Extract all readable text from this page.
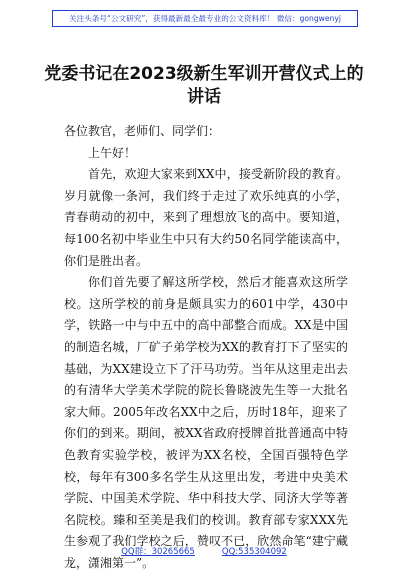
关注头条号“公文研究”，获得最新最全最专业的公文资料库！ 微信：gongwenyj
党委书记在2023级新生军训开营仪式上的讲话

各位教官，老师们、同学们：

上午好！

首先，欢迎大家来到XX中，接受新阶段的教育。岁月就像一条河，我们终于走过了欢乐纯真的小学，青春萌动的初中，来到了理想放飞的高中。要知道，每100名初中毕业生中只有大约50名同学能读高中，你们是胜出者。

你们首先要了解这所学校，然后才能喜欢这所学校。这所学校的前身是颇具实力的601中学，430中学，铁路一中与中五中的高中部整合而成。XX是中国的制造名城，厂矿子弟学校为XX的教育打下了坚实的基础，为XX建设立下了汗马功劳。当年从这里走出去的有清华大学美术学院的院长鲁晓波先生等一大批名家大师。2005年改名XX中之后，历时18年，迎来了你们的到来。期间，被XX省政府授牌首批普通高中特色教育实验学校，被评为XX名校，全国百强特色学校，每年有300多名学生从这里出发，考进中央美术学院、中国美术学院、华中科技大学、同济大学等著名院校。臻和至美是我们的校训。教育部专家XXX先生参观了我们学校之后，赞叹不已，欣然命笔“建宁藏龙，潇湘第一”。

QQ群：30265665	QQ:535304092
